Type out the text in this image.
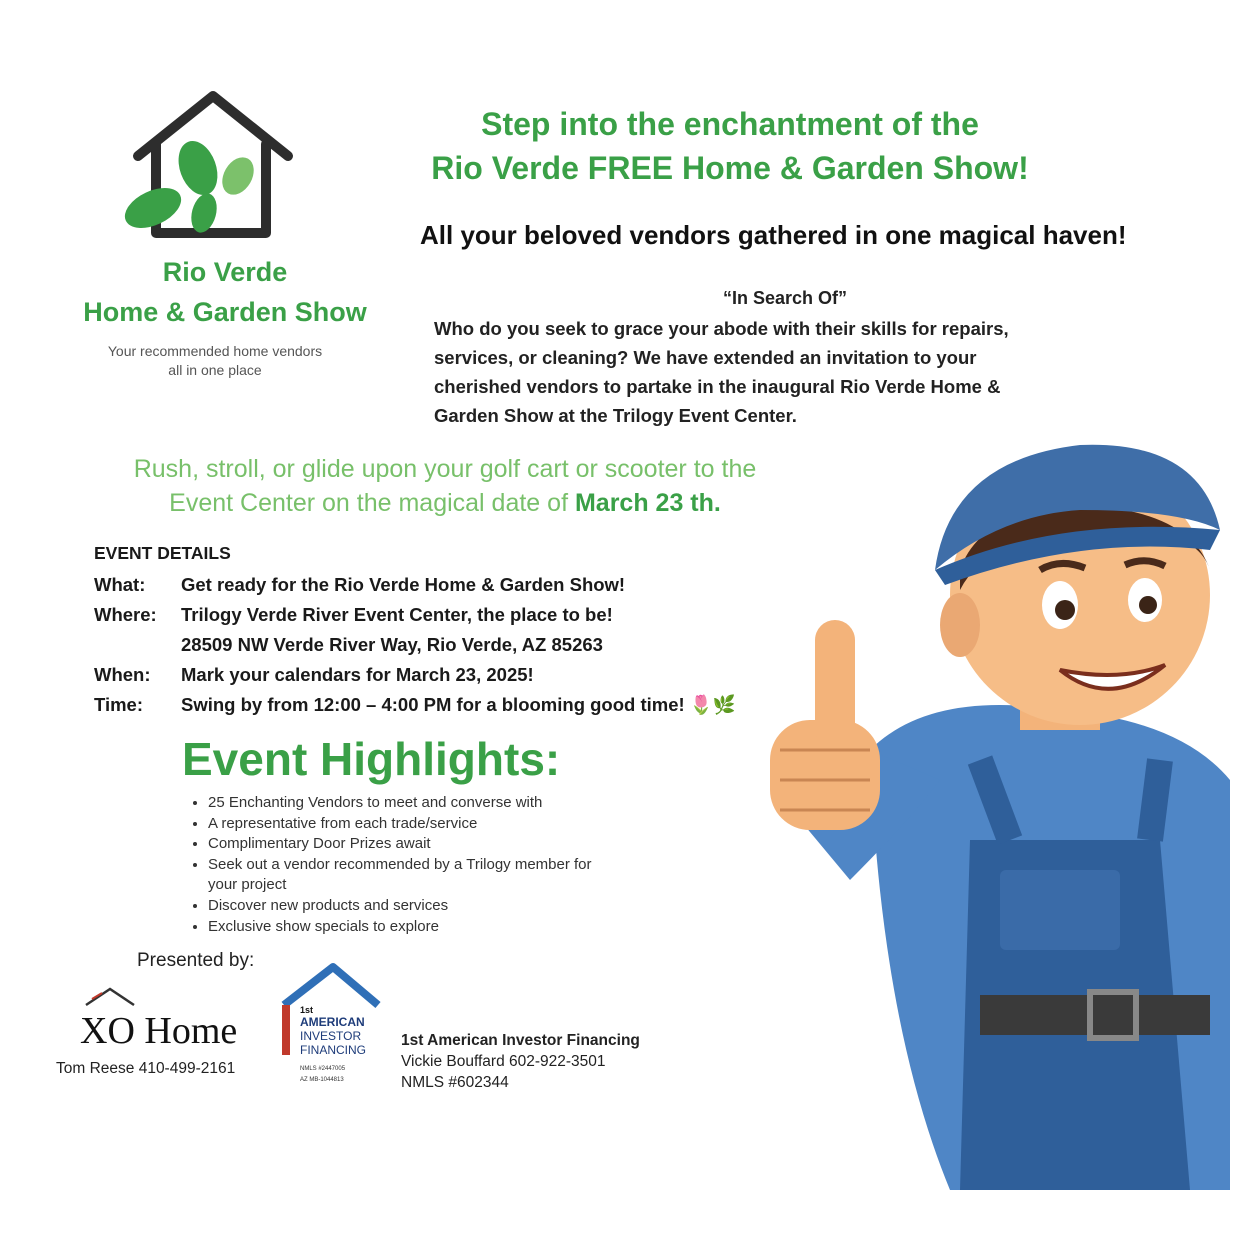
Rio Verde
Home & Garden Show
Your recommended home vendors
all in one place
Step into the enchantment of the
Rio Verde FREE Home & Garden Show!
All your beloved vendors gathered in one magical haven!
“In Search Of”
Who do you seek to grace your abode with their skills for repairs,
services, or cleaning? We have extended an invitation to your
cherished vendors to partake in the inaugural Rio Verde Home &
Garden Show at the Trilogy Event Center.
Rush, stroll, or glide upon your golf cart or scooter to the
Event Center on the magical date of March 23 th.
EVENT DETAILS
What:	Get ready for the Rio Verde Home & Garden Show!
Where:	Trilogy Verde River Event Center, the place to be!
28509 NW Verde River Way, Rio Verde, AZ 85263
When:	Mark your calendars for March 23, 2025!
Time:	Swing by from 12:00 – 4:00 PM for a blooming good time! 🌷🌿
Event Highlights:
• 25 Enchanting Vendors to meet and converse with
• A representative from each trade/service
• Complimentary Door Prizes await
• Seek out a vendor recommended by a Trilogy member for your project
• Discover new products and services
• Exclusive show specials to explore
Presented by:
XO Home
Tom Reese 410-499-2161
1st
AMERICAN
INVESTOR
FINANCING
NMLS #2447005
AZ MB-1044813
1st American Investor Financing
Vickie Bouffard 602-922-3501
NMLS #602344
